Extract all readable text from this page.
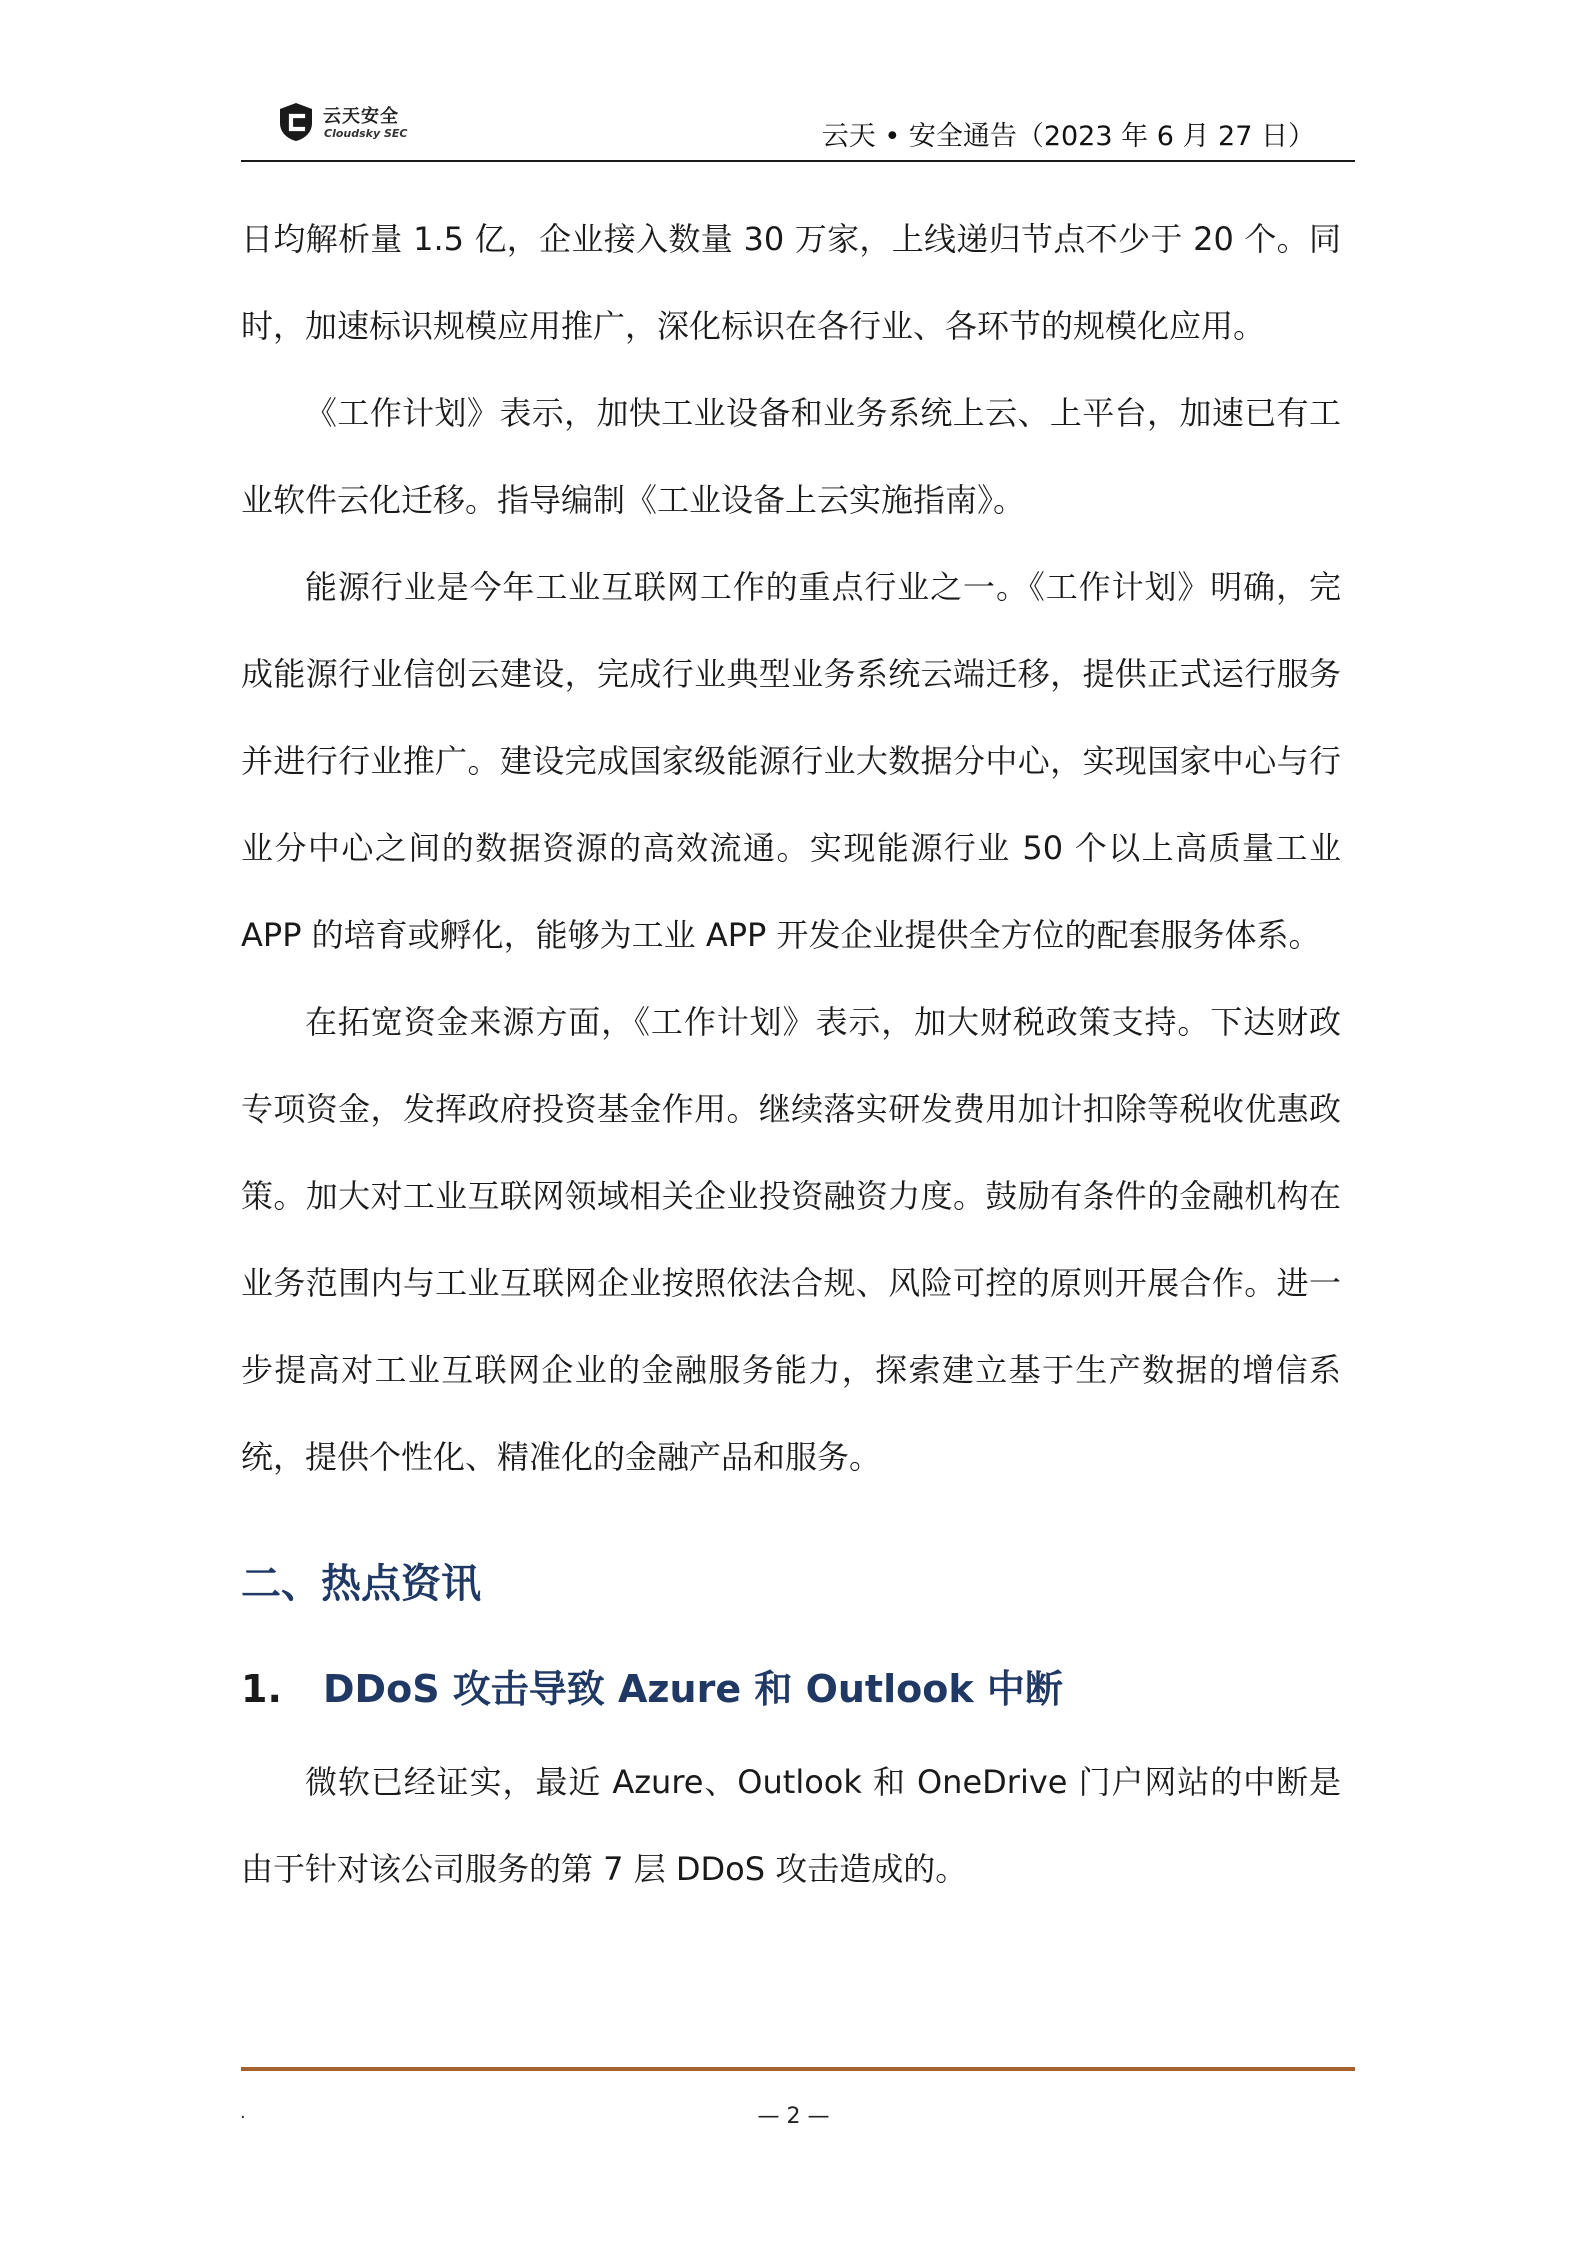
云天安全
Cloudsky SEC	云天 • 安全通告（2023 年 6 月 27 日）

日均解析量 1.5 亿，企业接入数量 30 万家，上线递归节点不少于 20 个。同时，加速标识规模应用推广，深化标识在各行业、各环节的规模化应用。

《工作计划》表示，加快工业设备和业务系统上云、上平台，加速已有工业软件云化迁移。指导编制《工业设备上云实施指南》。

能源行业是今年工业互联网工作的重点行业之一。《工作计划》明确，完成能源行业信创云建设，完成行业典型业务系统云端迁移，提供正式运行服务并进行行业推广。建设完成国家级能源行业大数据分中心，实现国家中心与行业分中心之间的数据资源的高效流通。实现能源行业 50 个以上高质量工业 APP 的培育或孵化，能够为工业 APP 开发企业提供全方位的配套服务体系。

在拓宽资金来源方面，《工作计划》表示，加大财税政策支持。下达财政专项资金，发挥政府投资基金作用。继续落实研发费用加计扣除等税收优惠政策。加大对工业互联网领域相关企业投资融资力度。鼓励有条件的金融机构在业务范围内与工业互联网企业按照依法合规、风险可控的原则开展合作。进一步提高对工业互联网企业的金融服务能力，探索建立基于生产数据的增信系统，提供个性化、精准化的金融产品和服务。

二、热点资讯
1. DDoS 攻击导致 Azure 和 Outlook 中断

微软已经证实，最近 Azure、Outlook 和 OneDrive 门户网站的中断是由于针对该公司服务的第 7 层 DDoS 攻击造成的。

.	— 2 —
